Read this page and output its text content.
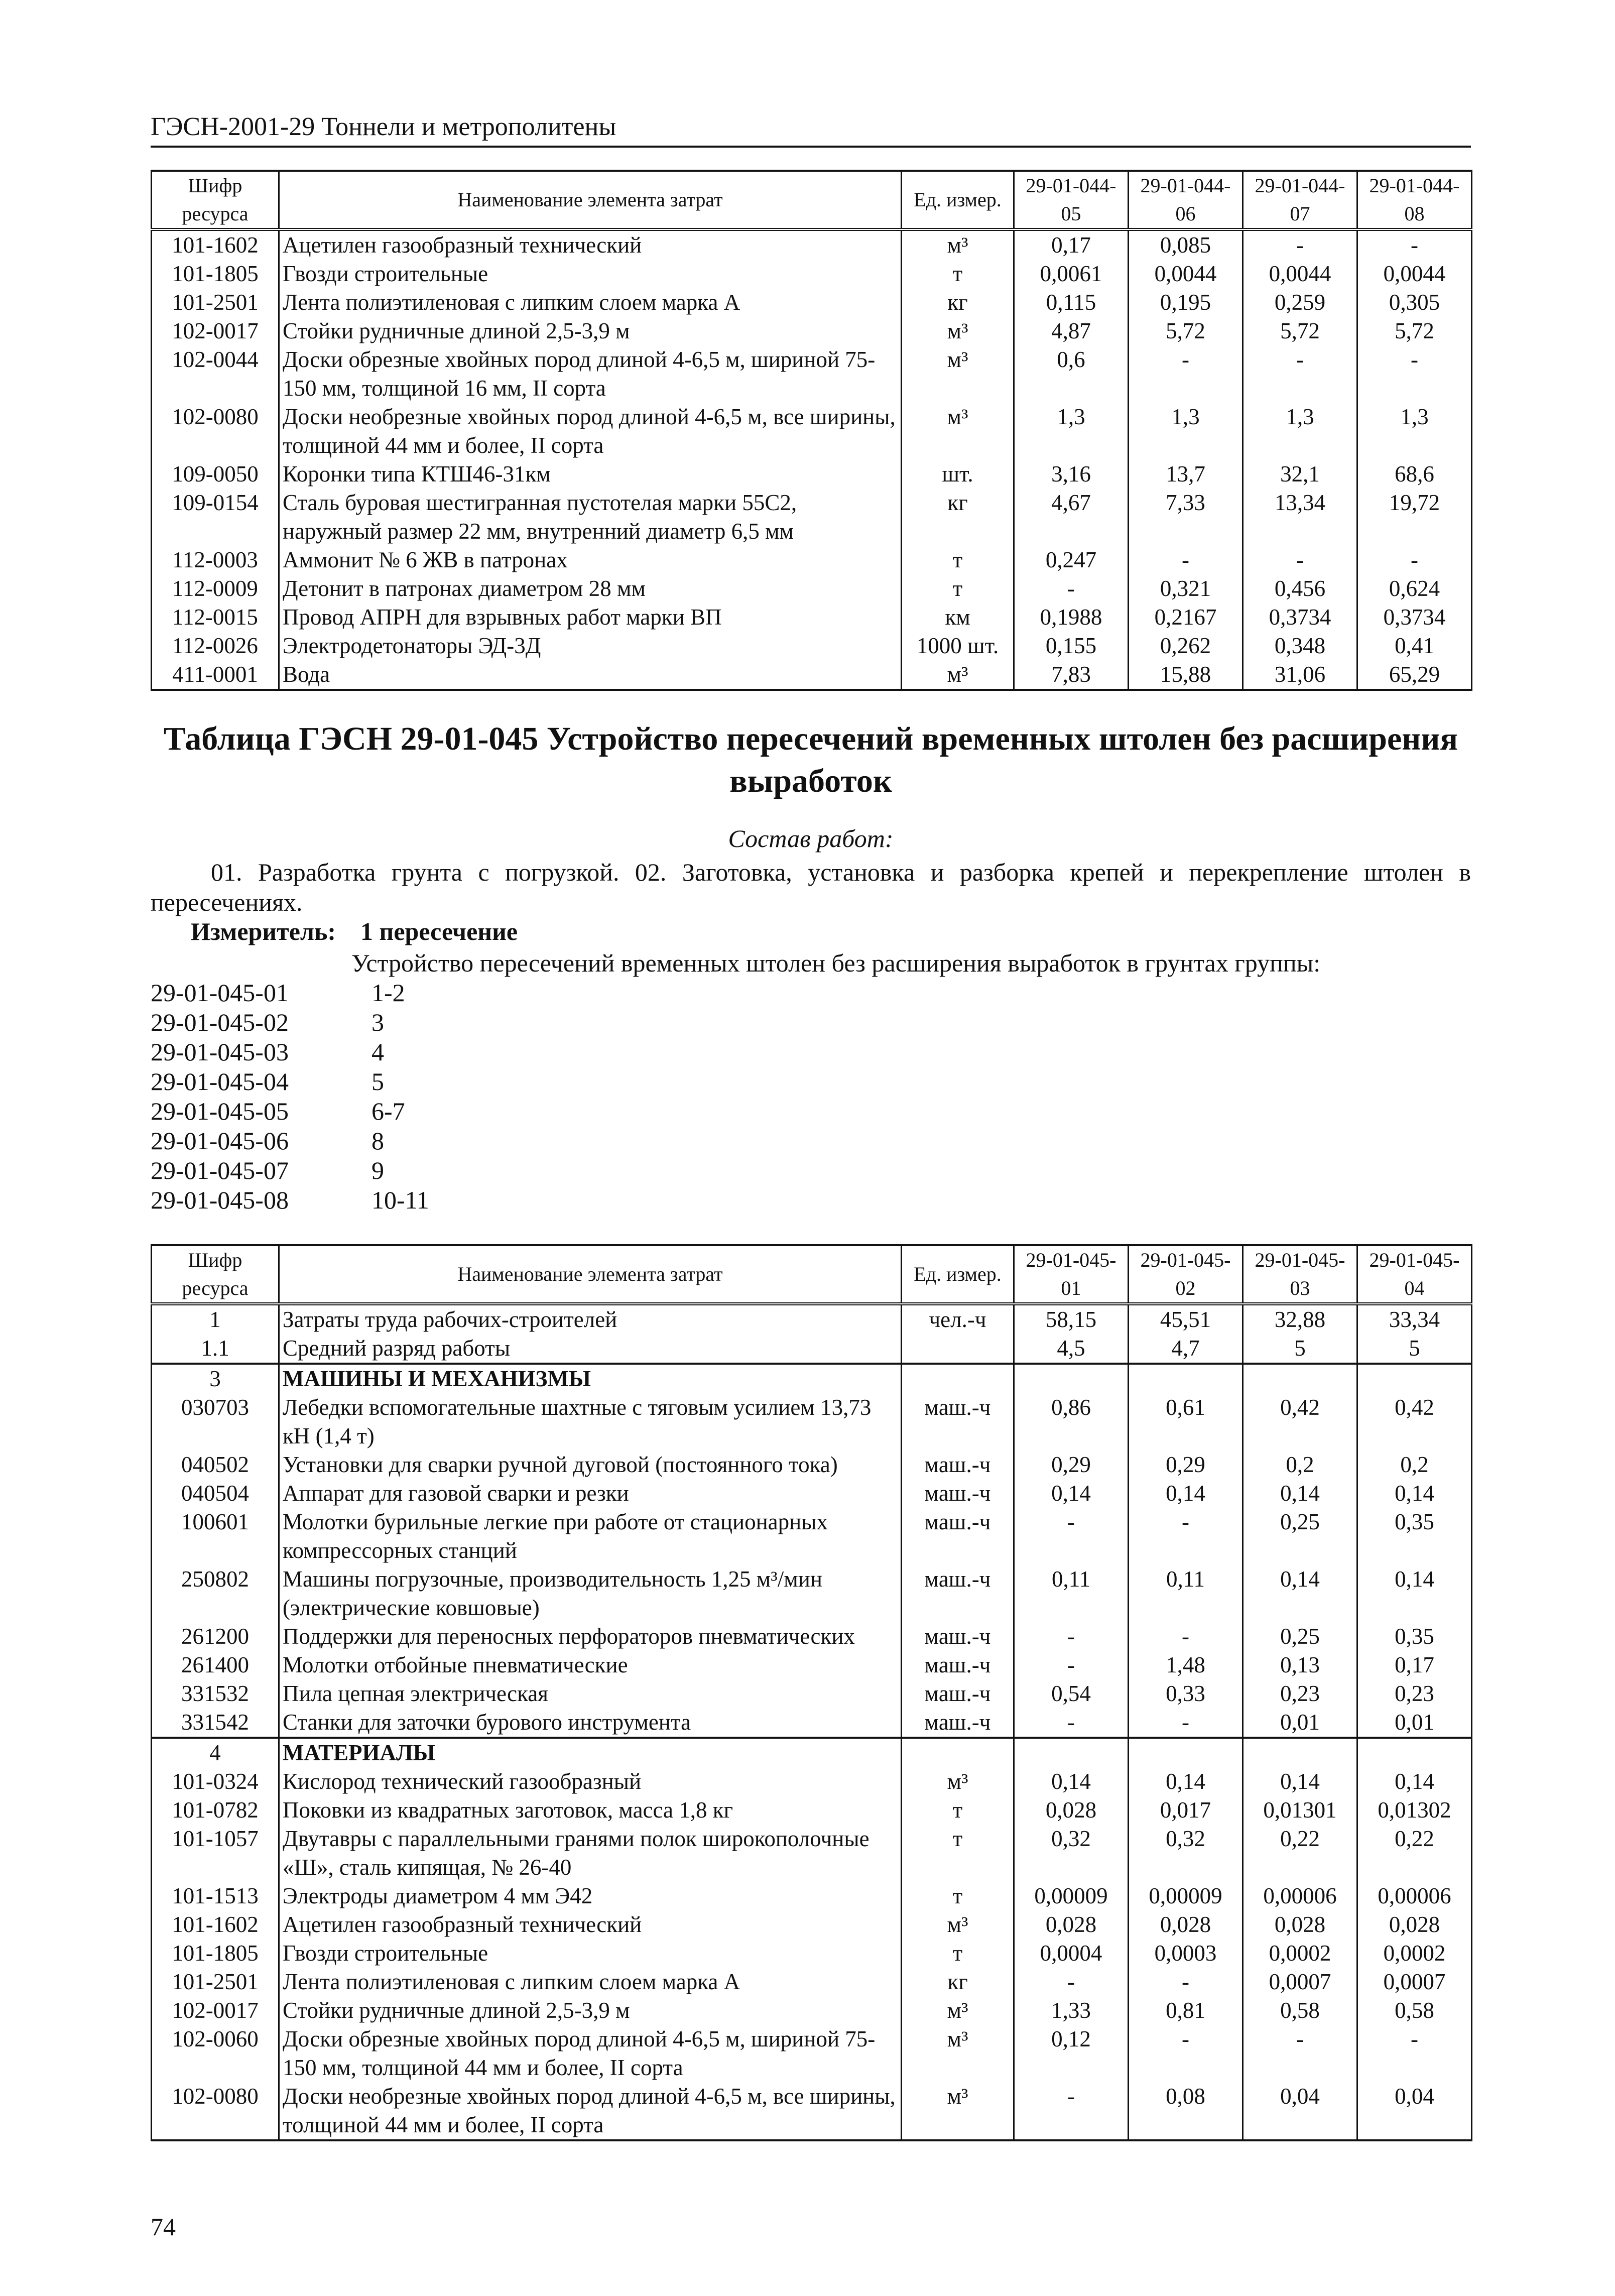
ГЭСН-2001-29 Тоннели и метрополитены
Шифр ресурса	Наименование элемента затрат	Ед. измер.	29-01-044-05	29-01-044-06	29-01-044-07	29-01-044-08
101-1602	Ацетилен газообразный технический	м³	0,17	0,085	-	-
101-1805	Гвозди строительные	т	0,0061	0,0044	0,0044	0,0044
101-2501	Лента полиэтиленовая с липким слоем марка А	кг	0,115	0,195	0,259	0,305
102-0017	Стойки рудничные длиной 2,5-3,9 м	м³	4,87	5,72	5,72	5,72
102-0044	Доски обрезные хвойных пород длиной 4-6,5 м, шириной 75-150 мм, толщиной 16 мм, II сорта	м³	0,6	-	-	-
102-0080	Доски необрезные хвойных пород длиной 4-6,5 м, все ширины, толщиной 44 мм и более, II сорта	м³	1,3	1,3	1,3	1,3
109-0050	Коронки типа КТШ46-31км	шт.	3,16	13,7	32,1	68,6
109-0154	Сталь буровая шестигранная пустотелая марки 55С2, наружный размер 22 мм, внутренний диаметр 6,5 мм	кг	4,67	7,33	13,34	19,72
112-0003	Аммонит № 6 ЖВ в патронах	т	0,247	-	-	-
112-0009	Детонит в патронах диаметром 28 мм	т	-	0,321	0,456	0,624
112-0015	Провод АПРН для взрывных работ марки ВП	км	0,1988	0,2167	0,3734	0,3734
112-0026	Электродетонаторы ЭД-3Д	1000 шт.	0,155	0,262	0,348	0,41
411-0001	Вода	м³	7,83	15,88	31,06	65,29
Таблица ГЭСН 29-01-045 Устройство пересечений временных штолен без расширения выработок
Состав работ:
01. Разработка грунта с погрузкой. 02. Заготовка, установка и разборка крепей и перекрепление штолен в пересечениях.
Измеритель: 1 пересечение
Устройство пересечений временных штолен без расширения выработок в грунтах группы:
29-01-045-01	1-2
29-01-045-02	3
29-01-045-03	4
29-01-045-04	5
29-01-045-05	6-7
29-01-045-06	8
29-01-045-07	9
29-01-045-08	10-11
Шифр ресурса	Наименование элемента затрат	Ед. измер.	29-01-045-01	29-01-045-02	29-01-045-03	29-01-045-04
1	Затраты труда рабочих-строителей	чел.-ч	58,15	45,51	32,88	33,34
1.1	Средний разряд работы		4,5	4,7	5	5
3	МАШИНЫ И МЕХАНИЗМЫ					
030703	Лебедки вспомогательные шахтные с тяговым усилием 13,73 кН (1,4 т)	маш.-ч	0,86	0,61	0,42	0,42
040502	Установки для сварки ручной дуговой (постоянного тока)	маш.-ч	0,29	0,29	0,2	0,2
040504	Аппарат для газовой сварки и резки	маш.-ч	0,14	0,14	0,14	0,14
100601	Молотки бурильные легкие при работе от стационарных компрессорных станций	маш.-ч	-	-	0,25	0,35
250802	Машины погрузочные, производительность 1,25 м³/мин (электрические ковшовые)	маш.-ч	0,11	0,11	0,14	0,14
261200	Поддержки для переносных перфораторов пневматических	маш.-ч	-	-	0,25	0,35
261400	Молотки отбойные пневматические	маш.-ч	-	1,48	0,13	0,17
331532	Пила цепная электрическая	маш.-ч	0,54	0,33	0,23	0,23
331542	Станки для заточки бурового инструмента	маш.-ч	-	-	0,01	0,01
4	МАТЕРИАЛЫ					
101-0324	Кислород технический газообразный	м³	0,14	0,14	0,14	0,14
101-0782	Поковки из квадратных заготовок, масса 1,8 кг	т	0,028	0,017	0,01301	0,01302
101-1057	Двутавры с параллельными гранями полок широкополочные «Ш», сталь кипящая, № 26-40	т	0,32	0,32	0,22	0,22
101-1513	Электроды диаметром 4 мм Э42	т	0,00009	0,00009	0,00006	0,00006
101-1602	Ацетилен газообразный технический	м³	0,028	0,028	0,028	0,028
101-1805	Гвозди строительные	т	0,0004	0,0003	0,0002	0,0002
101-2501	Лента полиэтиленовая с липким слоем марка А	кг	-	-	0,0007	0,0007
102-0017	Стойки рудничные длиной 2,5-3,9 м	м³	1,33	0,81	0,58	0,58
102-0060	Доски обрезные хвойных пород длиной 4-6,5 м, шириной 75-150 мм, толщиной 44 мм и более, II сорта	м³	0,12	-	-	-
102-0080	Доски необрезные хвойных пород длиной 4-6,5 м, все ширины, толщиной 44 мм и более, II сорта	м³	-	0,08	0,04	0,04
74
